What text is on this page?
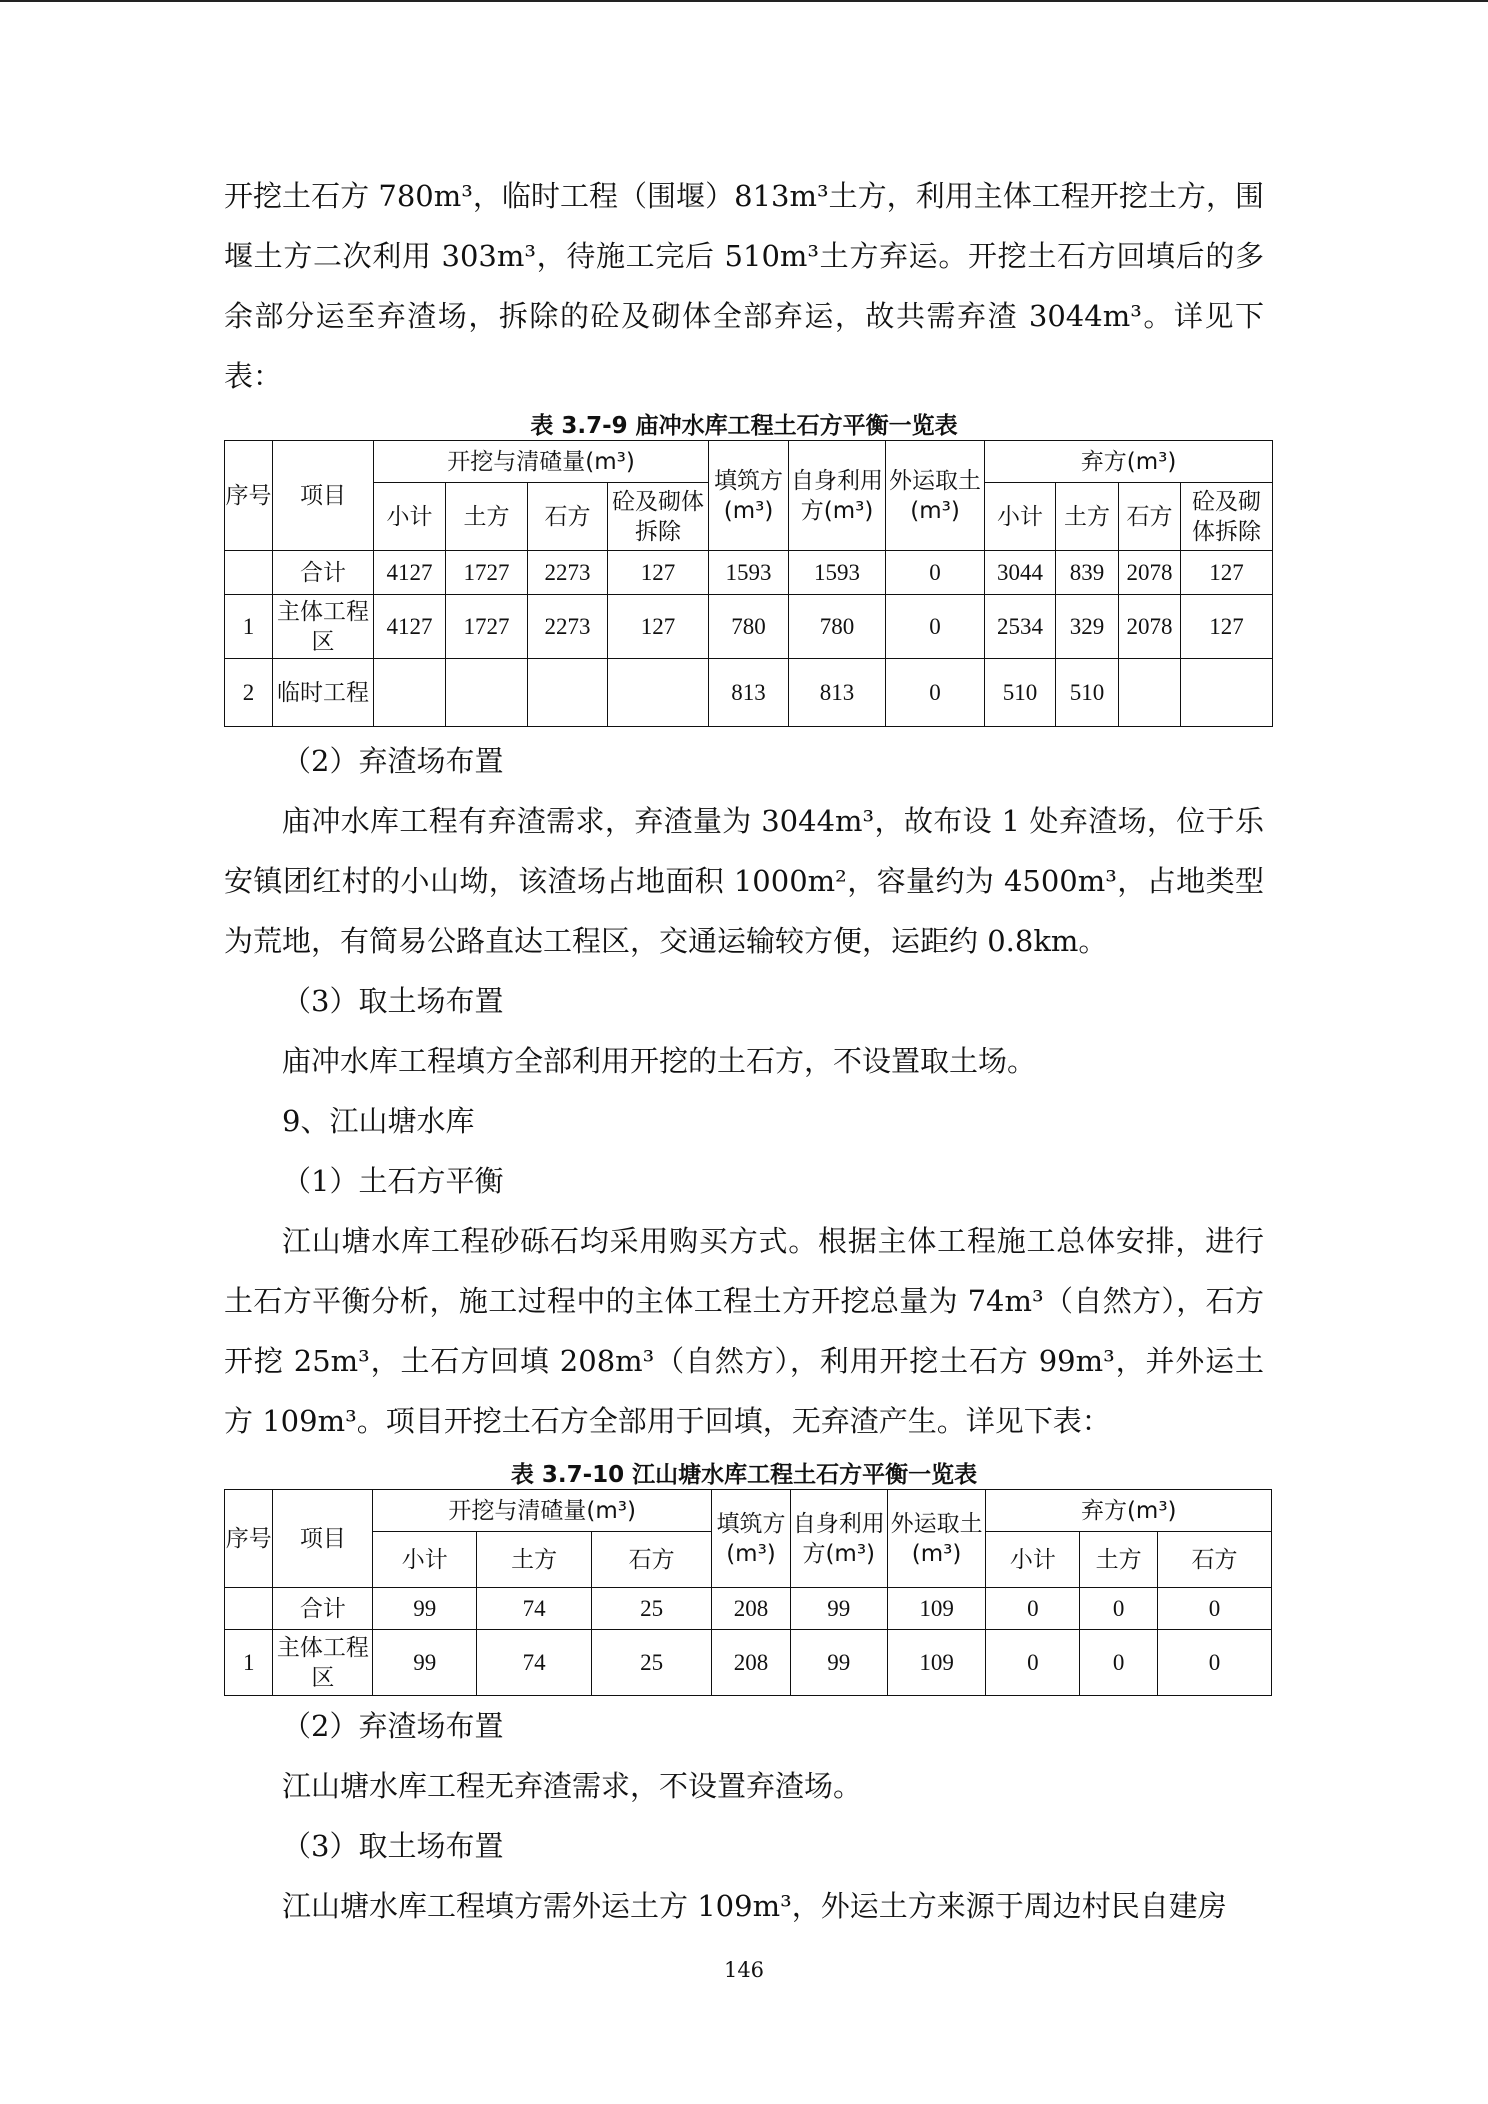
开挖土石方 780m³，临时工程（围堰）813m³土方，利用主体工程开挖土方，围堰土方二次利用 303m³，待施工完后 510m³土方弃运。开挖土石方回填后的多余部分运至弃渣场，拆除的砼及砌体全部弃运，故共需弃渣 3044m³。详见下表：

表 3.7-9 庙冲水库工程土石方平衡一览表
序号	项目	开挖与清碴量(m³)				填筑方(m³)	自身利用方(m³)	外运取土(m³)	弃方(m³)			
		小计	土方	石方	砼及砌体拆除				小计	土方	石方	砼及砌体拆除
	合计	4127	1727	2273	127	1593	1593	0	3044	839	2078	127
1	主体工程区	4127	1727	2273	127	780	780	0	2534	329	2078	127
2	临时工程					813	813	0	510	510		

（2）弃渣场布置

庙冲水库工程有弃渣需求，弃渣量为 3044m³，故布设 1 处弃渣场，位于乐安镇团红村的小山坳，该渣场占地面积 1000m²，容量约为 4500m³，占地类型为荒地，有简易公路直达工程区，交通运输较方便，运距约 0.8km。

（3）取土场布置

庙冲水库工程填方全部利用开挖的土石方，不设置取土场。

9、江山塘水库

（1）土石方平衡

江山塘水库工程砂砾石均采用购买方式。根据主体工程施工总体安排，进行土石方平衡分析，施工过程中的主体工程土方开挖总量为 74m³（自然方），石方开挖 25m³，土石方回填 208m³（自然方），利用开挖土石方 99m³，并外运土方 109m³。项目开挖土石方全部用于回填，无弃渣产生。详见下表：

表 3.7-10 江山塘水库工程土石方平衡一览表
序号	项目	开挖与清碴量(m³)			填筑方(m³)	自身利用方(m³)	外运取土(m³)	弃方(m³)		
		小计	土方	石方				小计	土方	石方
	合计	99	74	25	208	99	109	0	0	0
1	主体工程区	99	74	25	208	99	109	0	0	0

（2）弃渣场布置

江山塘水库工程无弃渣需求，不设置弃渣场。

（3）取土场布置

江山塘水库工程填方需外运土方 109m³，外运土方来源于周边村民自建房

146
